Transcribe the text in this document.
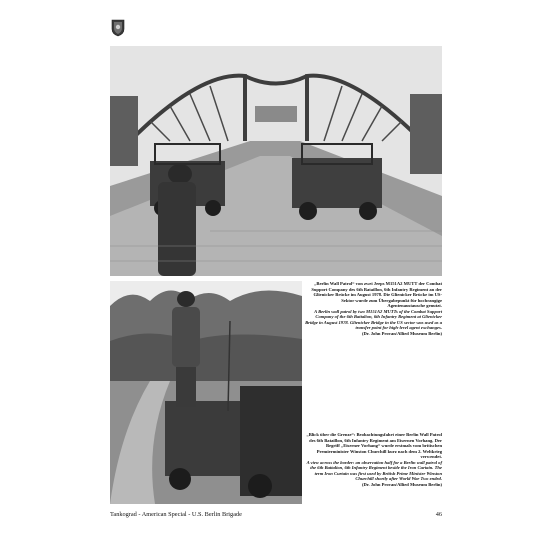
„Berlin Wall Patrol“ von zwei Jeeps M151A2 MUTT der Combat Support Company des 6th Bataillon, 6th Infantry Regiment an der Glienicker Brücke im August 1978. Die Glienicker Brücke im US-Sektor wurde zum Übergabepunkt für hochrangige Agentenaustausche genutzt.
A Berlin wall patrol by two M151A2 MUTTs of the Combat Support Company of the 6th Battalion, 6th Infantry Regiment at Glienicker Bridge in August 1978. Glienicker Bridge in the US sector was used as a transfer point for high-level agent exchanges.
(Dr. John Provan/Allied Museum Berlin)
„Blick über die Grenze“: Beobachtungsfahrt einer Berlin Wall Patrol des 6th Bataillon, 6th Infantry Regiment am Eisernen Vorhang. Der Begriff „Eiserner Vorhang“ wurde erstmals vom britischen Premierminister Winston Churchill kurz nach dem 2. Weltkrieg verwendet.
A view across the border: an observation half for a Berlin wall patrol of the 6th Battalion, 6th Infantry Regiment beside the Iron Curtain. The term Iron Curtain was first used by British Prime Minister Winston Churchill shortly after World War Two ended.
(Dr. John Provan/Allied Museum Berlin)
Tankograd - American Special - U.S. Berlin Brigade	46
